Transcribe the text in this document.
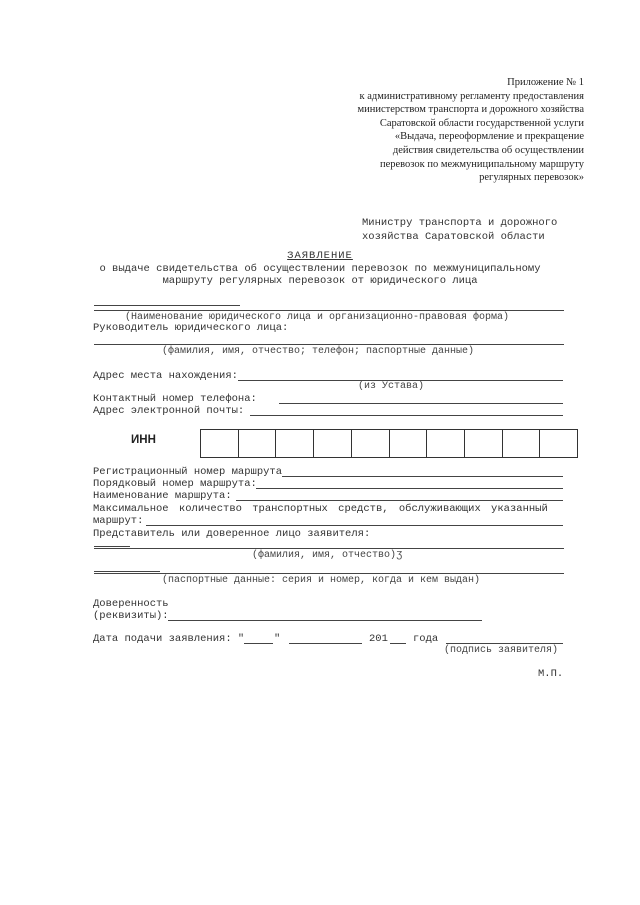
Приложение № 1
к административному регламенту предоставления
министерством транспорта и дорожного хозяйства
Саратовской области государственной услуги
«Выдача, переоформление и прекращение
действия свидетельства об осуществлении
перевозок по межмуниципальному маршруту
регулярных перевозок»
Министру транспорта и дорожного
хозяйства Саратовской области
ЗАЯВЛЕНИЕ
о выдаче свидетельства об осуществлении перевозок по межмуниципальному
маршруту регулярных перевозок от юридического лица
(Наименование юридического лица и организационно-правовая форма)
Руководитель юридического лица:
(фамилия, имя, отчество; телефон; паспортные данные)
Адрес места нахождения:
(из Устава)
Контактный номер телефона:
Адрес электронной почты:
ИНН
Регистрационный номер маршрута
Порядковый номер маршрута:
Наименование маршрута:
Максимальное количество транспортных средств, обслуживающих указанный
маршрут:
Представитель или доверенное лицо заявителя:
(фамилия, имя, отчество) ʒ
(паспортные данные: серия и номер, когда и кем выдан)
Доверенность
(реквизиты):
Дата подачи заявления: "	"	201 года
(подпись заявителя)
М.П.
